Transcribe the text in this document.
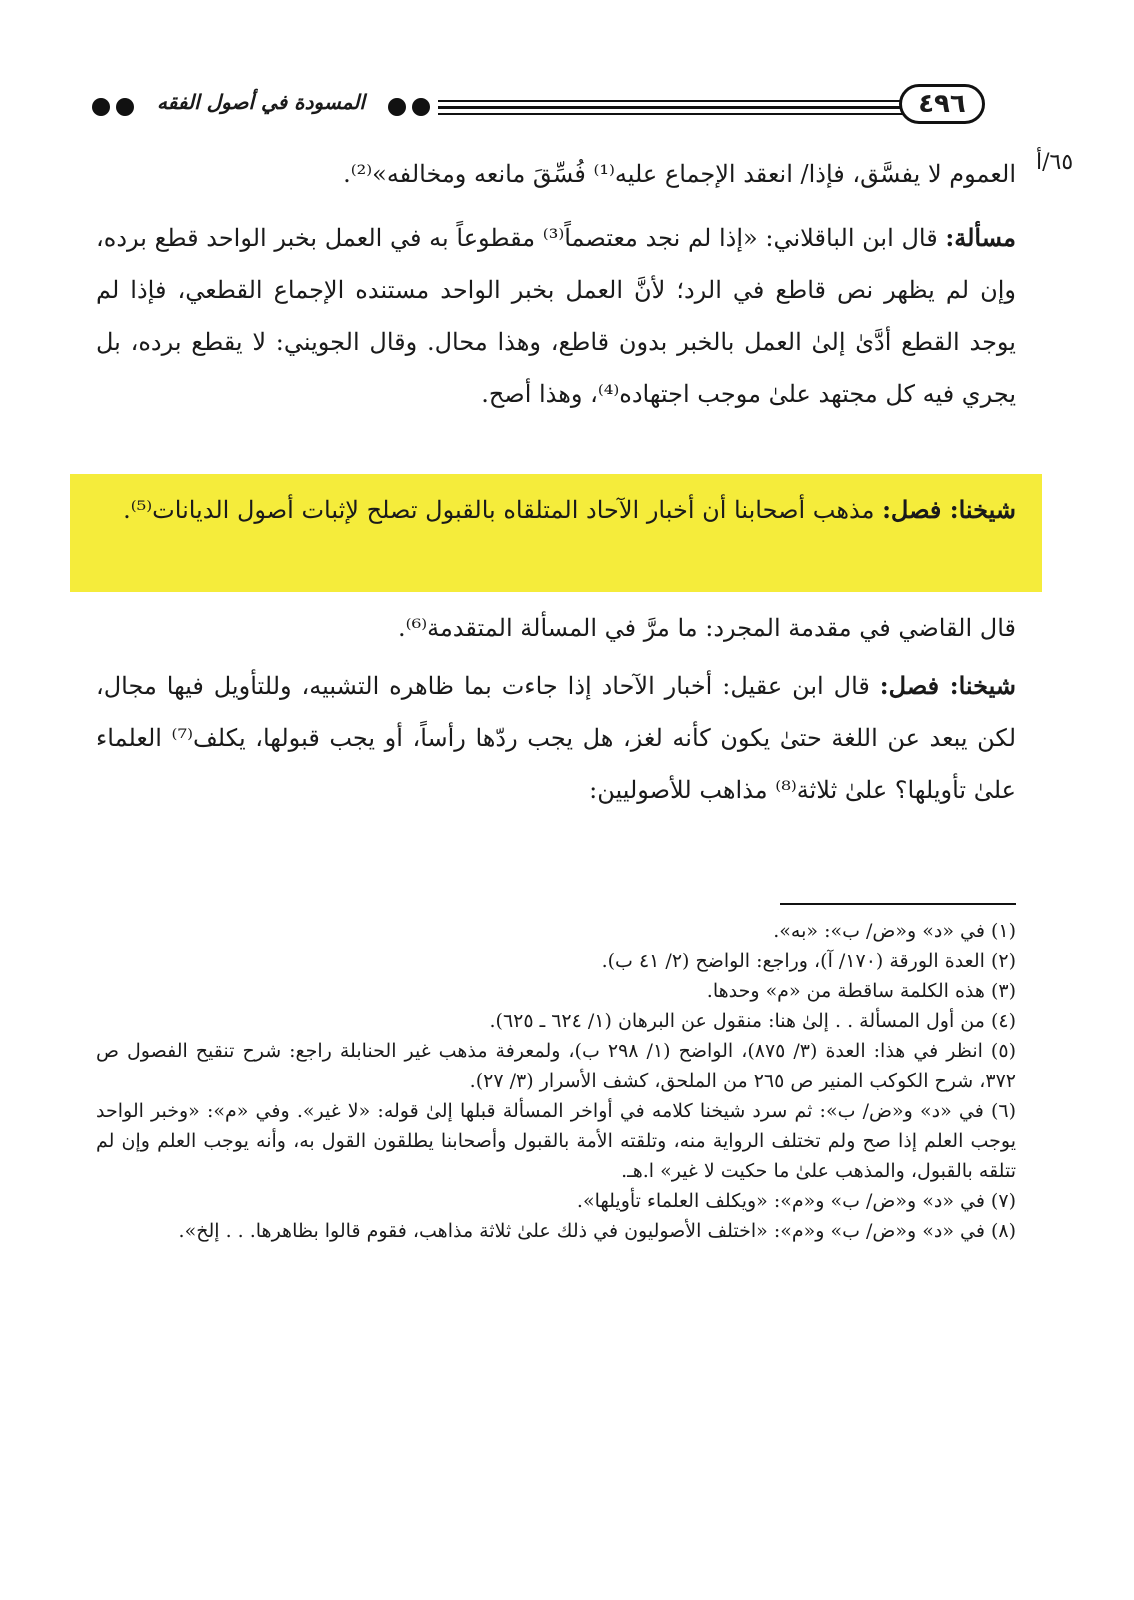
المسودة في أصول الفقه	٤٩٦
٦٥/أ

العموم لا يفسَّق، فإذا/ انعقد الإجماع عليه⁽¹⁾ فُسِّقَ مانعه ومخالفه»⁽²⁾.

مسألة: قال ابن الباقلاني: «إذا لم نجد معتصماً⁽³⁾ مقطوعاً به في العمل بخبر الواحد قطع برده، وإن لم يظهر نص قاطع في الرد؛ لأنَّ العمل بخبر الواحد مستنده الإجماع القطعي، فإذا لم يوجد القطع أدَّىٰ إلىٰ العمل بالخبر بدون قاطع، وهذا محال. وقال الجويني: لا يقطع برده، بل يجري فيه كل مجتهد علىٰ موجب اجتهاده⁽⁴⁾، وهذا أصح.

شيخنا: فصل: مذهب أصحابنا أن أخبار الآحاد المتلقاه بالقبول تصلح لإثبات أصول الديانات⁽⁵⁾.

قال القاضي في مقدمة المجرد: ما مرَّ في المسألة المتقدمة⁽⁶⁾.

شيخنا: فصل: قال ابن عقيل: أخبار الآحاد إذا جاءت بما ظاهره التشبيه، وللتأويل فيها مجال، لكن يبعد عن اللغة حتىٰ يكون كأنه لغز، هل يجب ردّها رأساً، أو يجب قبولها، يكلف⁽⁷⁾ العلماء علىٰ تأويلها؟ علىٰ ثلاثة⁽⁸⁾ مذاهب للأصوليين:

(١) في «د» و«ض/ ب»: «به».

(٢) العدة الورقة (١٧٠/ آ)، وراجع: الواضح (٢/ ٤١ ب).

(٣) هذه الكلمة ساقطة من «م» وحدها.

(٤) من أول المسألة . . إلىٰ هنا: منقول عن البرهان (١/ ٦٢٤ ـ ٦٢٥).

(٥) انظر في هذا: العدة (٣/ ٨٧٥)، الواضح (١/ ٢٩٨ ب)، ولمعرفة مذهب غير الحنابلة راجع: شرح تنقيح الفصول ص ٣٧٢، شرح الكوكب المنير ص ٢٦٥ من الملحق، كشف الأسرار (٣/ ٢٧).

(٦) في «د» و«ض/ ب»: ثم سرد شيخنا كلامه في أواخر المسألة قبلها إلىٰ قوله: «لا غير». وفي «م»: «وخبر الواحد يوجب العلم إذا صح ولم تختلف الرواية منه، وتلقته الأمة بالقبول وأصحابنا يطلقون القول به، وأنه يوجب العلم وإن لم تتلقه بالقبول، والمذهب علىٰ ما حكيت لا غير» ا.هـ.

(٧) في «د» و«ض/ ب» و«م»: «ويكلف العلماء تأويلها».

(٨) في «د» و«ض/ ب» و«م»: «اختلف الأصوليون في ذلك علىٰ ثلاثة مذاهب، فقوم قالوا بظاهرها. . . إلخ».
